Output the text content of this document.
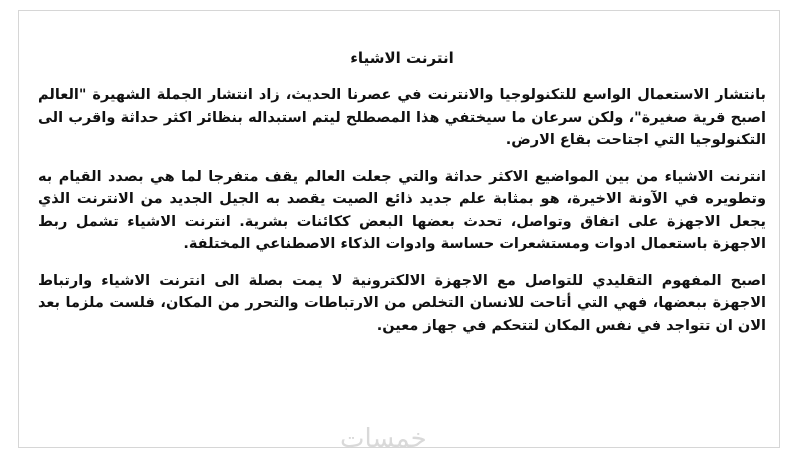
انترنت الاشياء

بانتشار الاستعمال الواسع للتكنولوجيا والانترنت في عصرنا الحديث، زاد انتشار الجملة الشهيرة "العالم اصبح قرية صغيرة"، ولكن سرعان ما سيختفي هذا المصطلح ليتم استبداله بنظائر اكثر حداثة واقرب الى التكنولوجيا التي اجتاحت بقاع الارض.

انترنت الاشياء من بين المواضيع الاكثر حداثة والتي جعلت العالم يقف متفرجا لما هي بصدد القيام به وتطويره في الآونة الاخيرة، هو بمثابة علم جديد ذائع الصيت يقصد به الجيل الجديد من الانترنت الذي يجعل الاجهزة على اتفاق وتواصل، تحدث بعضها البعض ككائنات بشرية. انترنت الاشياء تشمل ربط الاجهزة باستعمال ادوات ومستشعرات حساسة وادوات الذكاء الاصطناعي المختلفة.

اصبح المفهوم التقليدي للتواصل مع الاجهزة الالكترونية لا يمت بصلة الى انترنت الاشياء وارتباط الاجهزة ببعضها، فهي التي أتاحت للانسان التخلص من الارتباطات والتحرر من المكان، فلست ملزما بعد الان ان تتواجد في نفس المكان لتتحكم في جهاز معين.

خمسات
